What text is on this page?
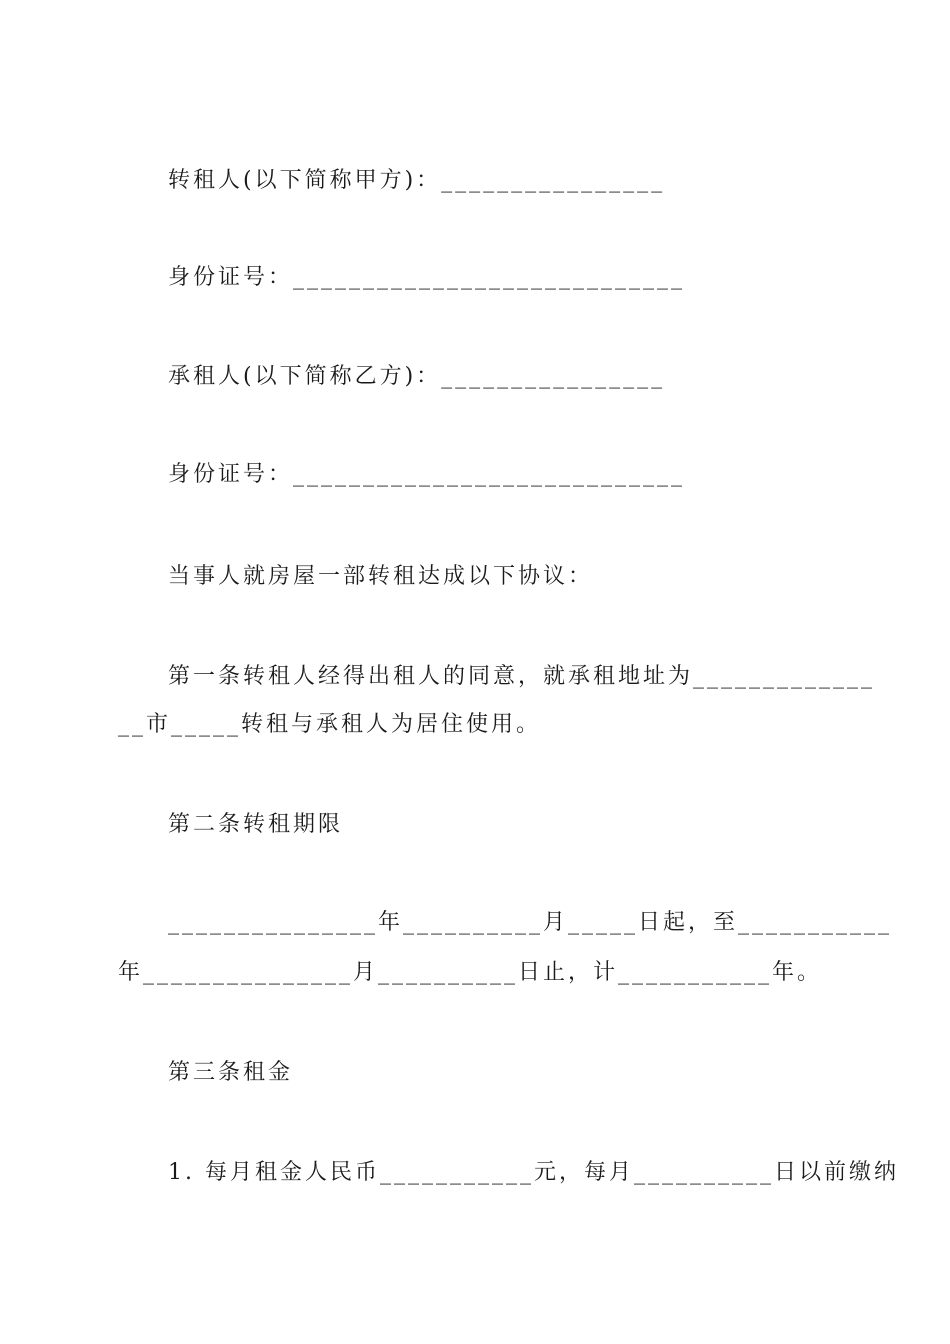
转租人(以下简称甲方)：________________

身份证号：____________________________

承租人(以下简称乙方)：________________

身份证号：____________________________

当事人就房屋一部转租达成以下协议：

第一条转租人经得出租人的同意，就承租地址为_____________

__市_____转租与承租人为居住使用。

第二条转租期限

_______________年__________月_____日起，至___________

年_______________月__________日止，计___________年。

第三条租金

1. 每月租金人民币___________元，每月__________日以前缴纳
